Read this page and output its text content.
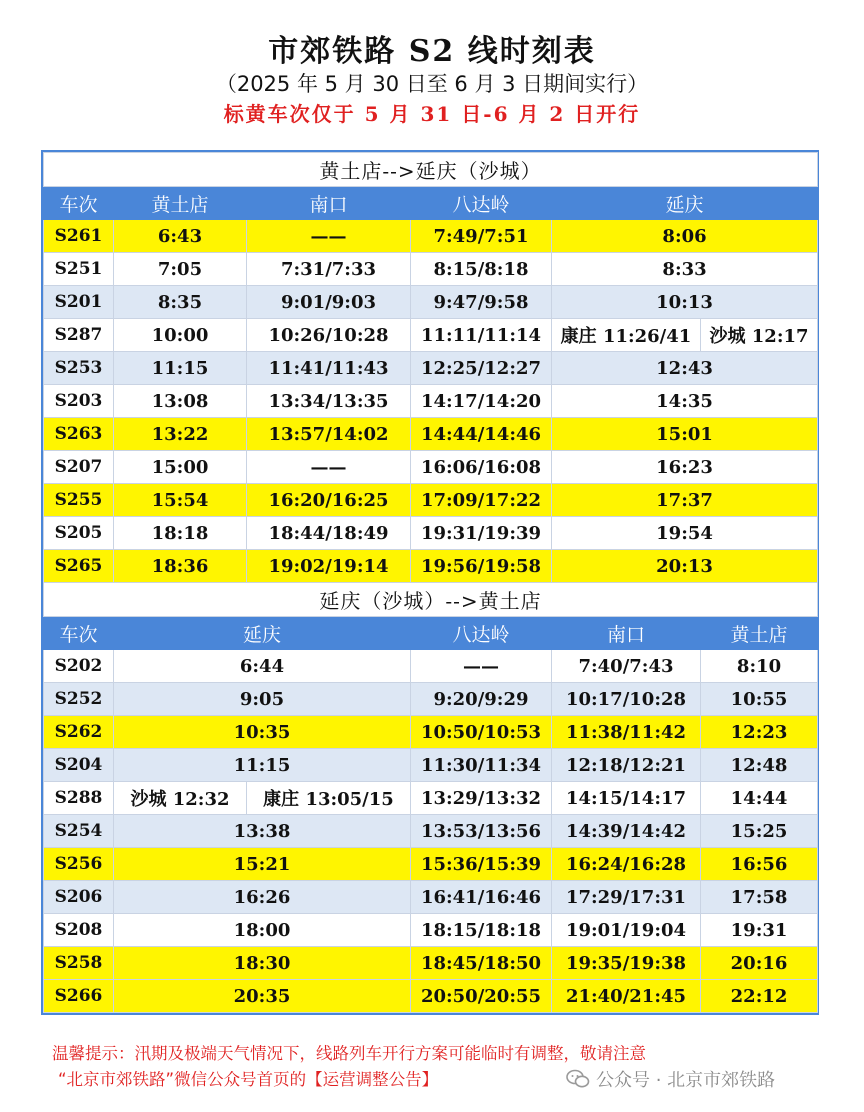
市郊铁路 S2 线时刻表
（2025 年 5 月 30 日至 6 月 3 日期间实行）
标黄车次仅于 5 月 31 日-6 月 2 日开行
黄土店-->延庆（沙城）					
车次	黄土店	南口	八达岭	延庆	
S261	6:43	——	7:49/7:51	8:06	
S251	7:05	7:31/7:33	8:15/8:18	8:33	
S201	8:35	9:01/9:03	9:47/9:58	10:13	
S287	10:00	10:26/10:28	11:11/11:14	康庄 11:26/41	沙城 12:17
S253	11:15	11:41/11:43	12:25/12:27	12:43	
S203	13:08	13:34/13:35	14:17/14:20	14:35	
S263	13:22	13:57/14:02	14:44/14:46	15:01	
S207	15:00	——	16:06/16:08	16:23	
S255	15:54	16:20/16:25	17:09/17:22	17:37	
S205	18:18	18:44/18:49	19:31/19:39	19:54	
S265	18:36	19:02/19:14	19:56/19:58	20:13	
延庆（沙城）-->黄土店					
车次	延庆		八达岭	南口	黄土店
S202	6:44		——	7:40/7:43	8:10
S252	9:05		9:20/9:29	10:17/10:28	10:55
S262	10:35		10:50/10:53	11:38/11:42	12:23
S204	11:15		11:30/11:34	12:18/12:21	12:48
S288	沙城 12:32	康庄 13:05/15	13:29/13:32	14:15/14:17	14:44
S254	13:38		13:53/13:56	14:39/14:42	15:25
S256	15:21		15:36/15:39	16:24/16:28	16:56
S206	16:26		16:41/16:46	17:29/17:31	17:58
S208	18:00		18:15/18:18	19:01/19:04	19:31
S258	18:30		18:45/18:50	19:35/19:38	20:16
S266	20:35		20:50/20:55	21:40/21:45	22:12
温馨提示：汛期及极端天气情况下，线路列车开行方案可能临时有调整，敬请注意
“北京市郊铁路”微信公众号首页的【运营调整公告】	公众号 · 北京市郊铁路
